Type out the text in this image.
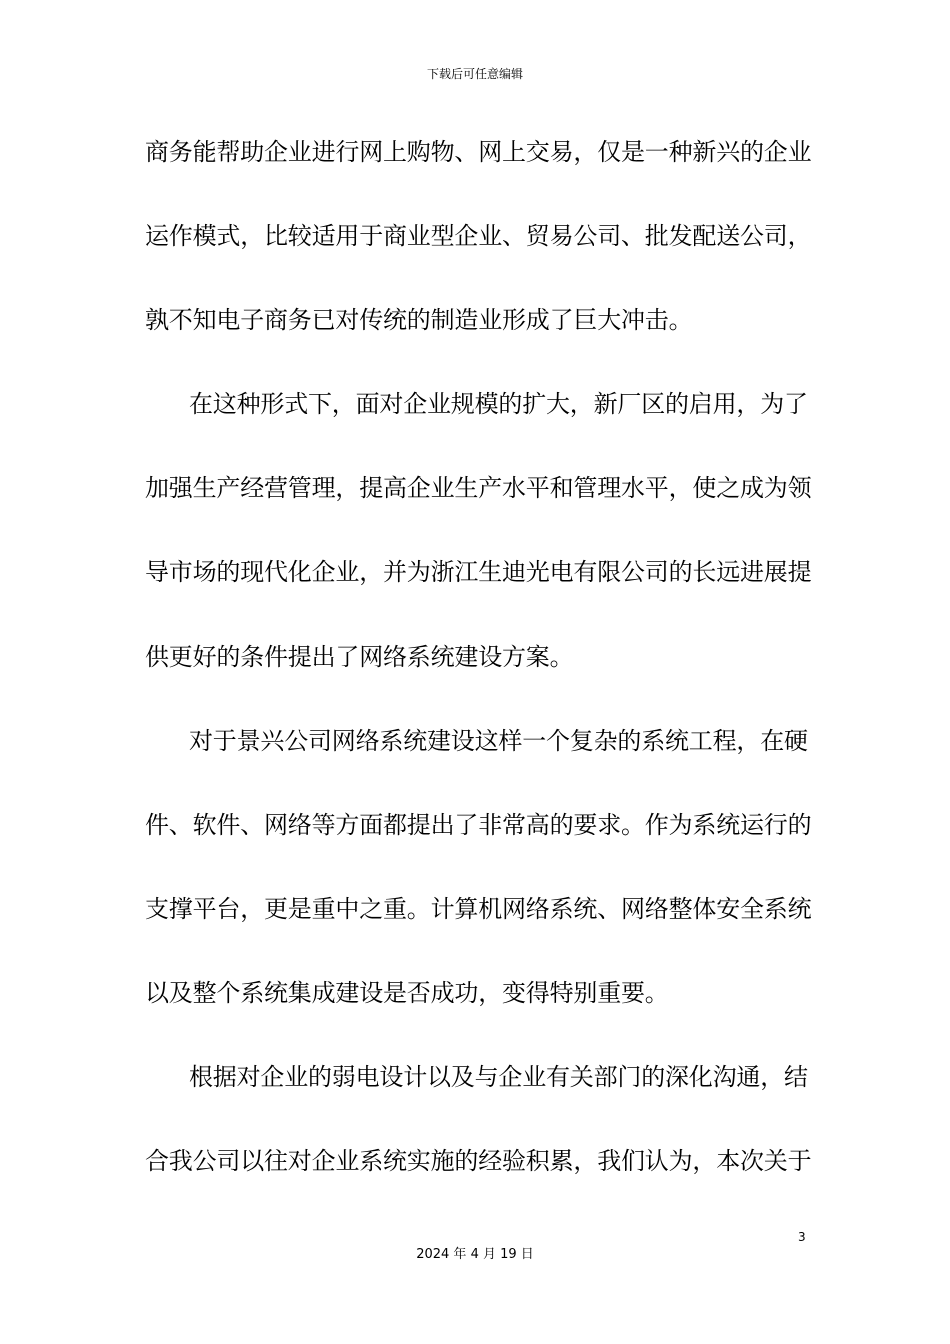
下载后可任意编辑
商务能帮助企业进行网上购物、网上交易，仅是一种新兴的企业
运作模式，比较适用于商业型企业、贸易公司、批发配送公司，
孰不知电子商务已对传统的制造业形成了巨大冲击。
在这种形式下，面对企业规模的扩大，新厂区的启用，为了
加强生产经营管理，提高企业生产水平和管理水平，使之成为领
导市场的现代化企业，并为浙江生迪光电有限公司的长远进展提
供更好的条件提出了网络系统建设方案。
对于景兴公司网络系统建设这样一个复杂的系统工程，在硬
件、软件、网络等方面都提出了非常高的要求。作为系统运行的
支撑平台，更是重中之重。计算机网络系统、网络整体安全系统
以及整个系统集成建设是否成功，变得特别重要。
根据对企业的弱电设计以及与企业有关部门的深化沟通，结
合我公司以往对企业系统实施的经验积累，我们认为，本次关于
3
2024 年 4 月 19 日
